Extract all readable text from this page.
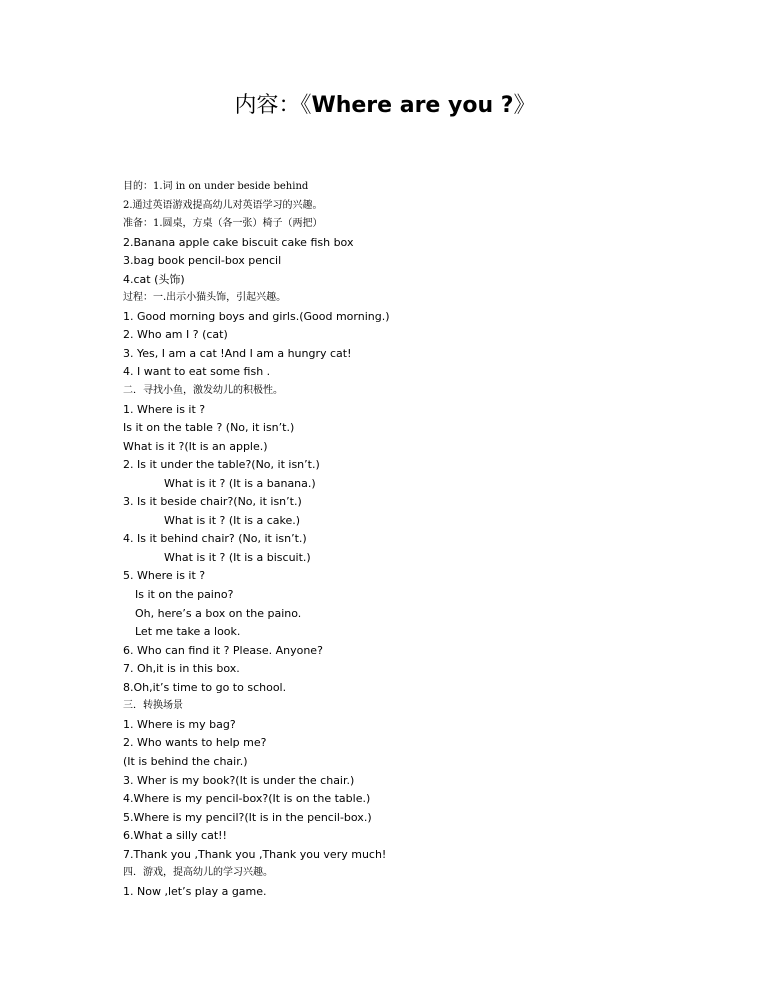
内容：《Where are you ?》
目的：1.词 in on under beside behind
2.通过英语游戏提高幼儿对英语学习的兴趣。
准备：1.圆桌，方桌（各一张）椅子（两把）
2.Banana apple cake biscuit cake fish box
3.bag book pencil-box pencil
4.cat (头饰)
过程：一.出示小猫头饰，引起兴趣。
1. Good morning boys and girls.(Good morning.)
2. Who am I ? (cat)
3. Yes, I am a cat !And I am a hungry cat!
4. I want to eat some fish .
二．寻找小鱼，激发幼儿的积极性。
1. Where is it ?
Is it on the table ? (No, it isn’t.)
What is it ?(It is an apple.)
2. Is it under the table?(No, it isn’t.)
What is it ? (It is a banana.)
3. Is it beside chair?(No, it isn’t.)
What is it ? (It is a cake.)
4. Is it behind chair? (No, it isn’t.)
What is it ? (It is a biscuit.)
5. Where is it ?
Is it on the paino?
Oh, here’s a box on the paino.
Let me take a look.
6. Who can find it ? Please. Anyone?
7. Oh,it is in this box.
8.Oh,it’s time to go to school.
三．转换场景
1. Where is my bag?
2. Who wants to help me?
(It is behind the chair.)
3. Wher is my book?(It is under the chair.)
4.Where is my pencil-box?(It is on the table.)
5.Where is my pencil?(It is in the pencil-box.)
6.What a silly cat!!
7.Thank you ,Thank you ,Thank you very much!
四．游戏，提高幼儿的学习兴趣。
1. Now ,let’s play a game.
